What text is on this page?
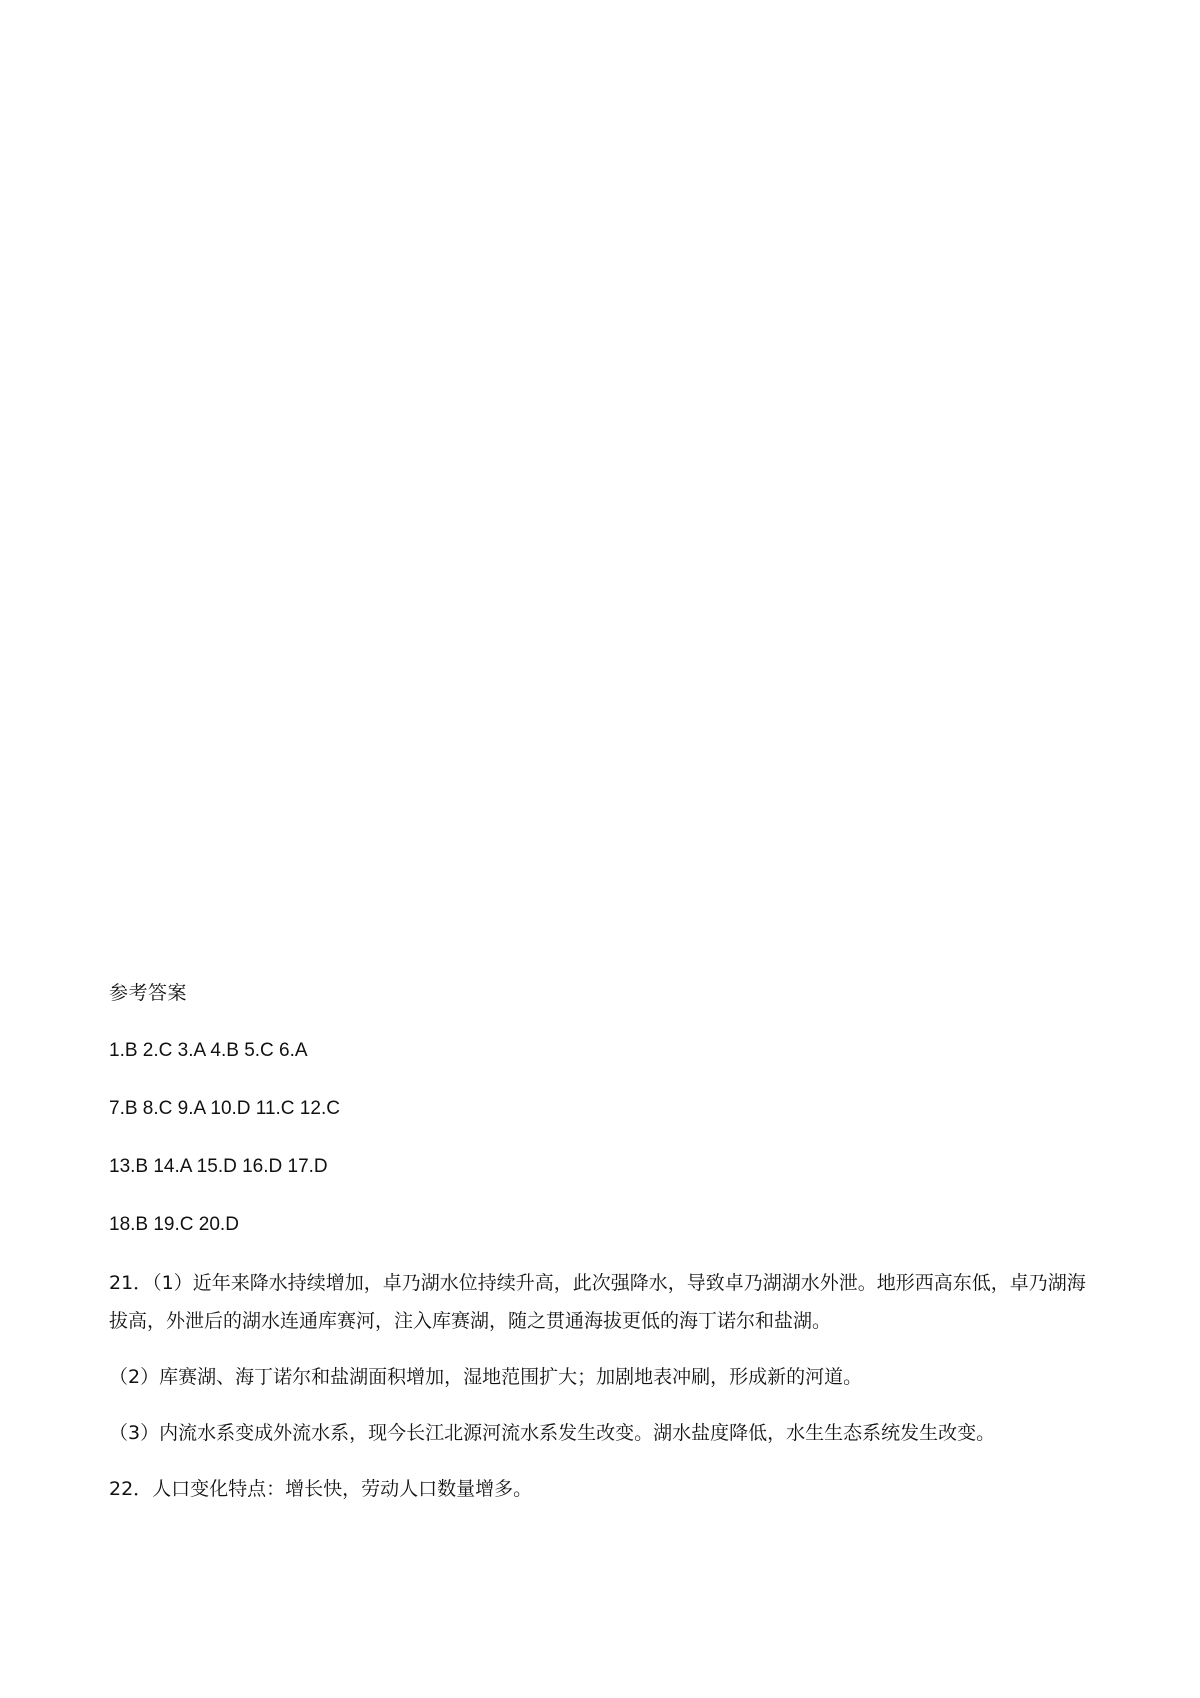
参考答案
1.B 2.C 3.A 4.B 5.C 6.A
7.B 8.C 9.A 10.D 11.C 12.C
13.B 14.A 15.D 16.D 17.D
18.B 19.C 20.D
21．（1）近年来降水持续增加，卓乃湖水位持续升高，此次强降水，导致卓乃湖湖水外泄。地形西高东低，卓乃湖海拔高，外泄后的湖水连通库赛河，注入库赛湖，随之贯通海拔更低的海丁诺尔和盐湖。
（2）库赛湖、海丁诺尔和盐湖面积增加，湿地范围扩大；加剧地表冲刷，形成新的河道。
（3）内流水系变成外流水系，现今长江北源河流水系发生改变。湖水盐度降低，水生生态系统发生改变。
22．人口变化特点：增长快，劳动人口数量增多。
